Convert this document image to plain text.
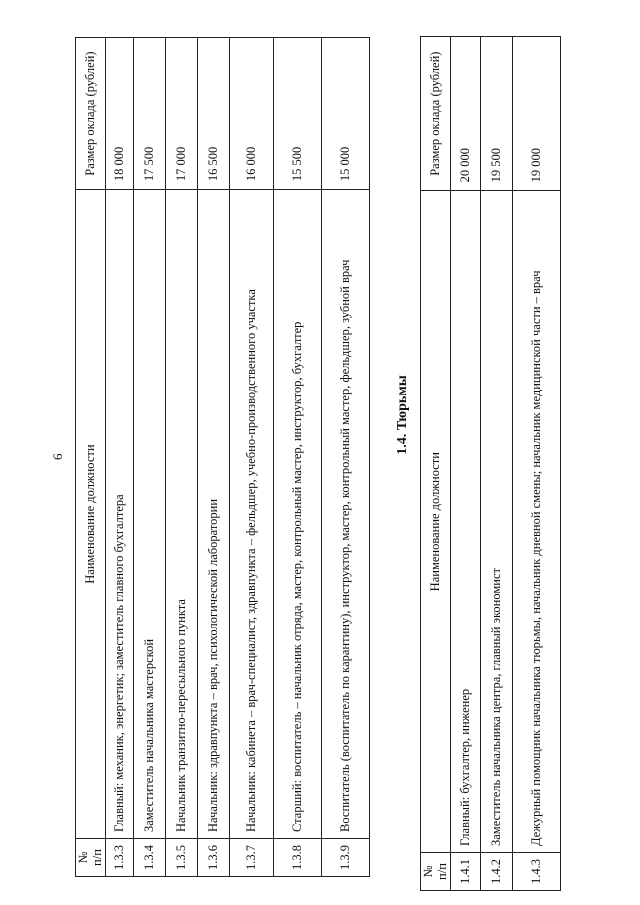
6
№ п/п	Наименование должности	Размер оклада (рублей)
1.3.3	Главный: механик, энергетик; заместитель главного бухгалтера	18 000
1.3.4	Заместитель начальника мастерской	17 500
1.3.5	Начальник транзитно-пересыльного пункта	17 000
1.3.6	Начальник: здравпункта – врач, психологической лаборатории	16 500
1.3.7	Начальник: кабинета – врач-специалист, здравпункта – фельдшер, учебно-производственного участка	16 000
1.3.8	Старший: воспитатель – начальник отряда, мастер, контрольный мастер, инструктор, бухгалтер	15 500
1.3.9	Воспитатель (воспитатель по карантину), инструктор, мастер, контрольный мастер, фельдшер, зубной врач	15 000
1.4. Тюрьмы
№ п/п	Наименование должности	Размер оклада (рублей)
1.4.1	Главный: бухгалтер, инженер	20 000
1.4.2	Заместитель начальника центра, главный экономист	19 500
1.4.3	Дежурный помощник начальника тюрьмы, начальник дневной смены; начальник медицинской части – врач	19 000
